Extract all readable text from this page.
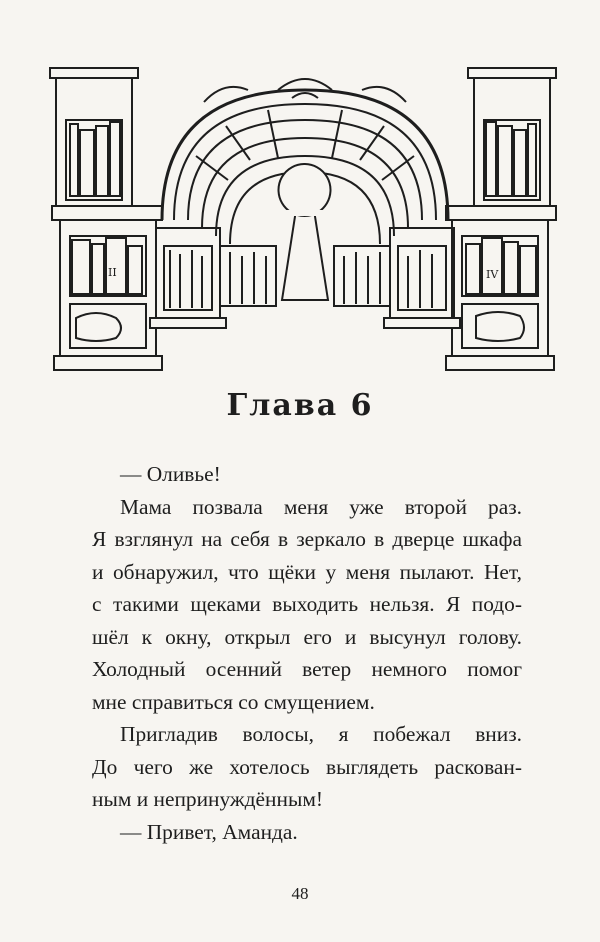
II	IV
Глава 6

— Оливье!

Мама позвала меня уже второй раз.
Я взглянул на себя в зеркало в дверце шкафа
и обнаружил, что щёки у меня пылают. Нет,
с такими щеками выходить нельзя. Я подо-
шёл к окну, открыл его и высунул голову.
Холодный осенний ветер немного помог
мне справиться со смущением.

Пригладив волосы, я побежал вниз.
До чего же хотелось выглядеть раскован-
ным и непринуждённым!

— Привет, Аманда.

48
